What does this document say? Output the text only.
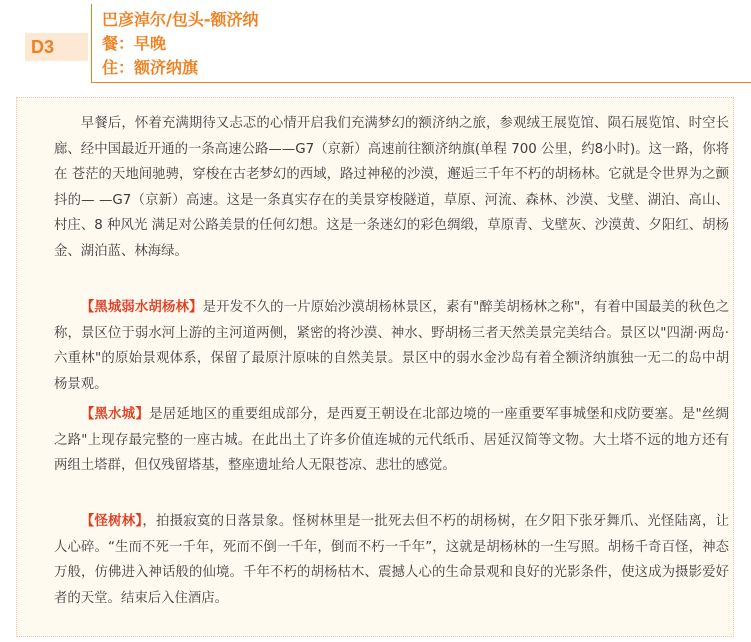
D3
巴彦淖尔/包头-额济纳
餐：早晚
住：额济纳旗

早餐后，怀着充满期待又忐忑的心情开启我们充满梦幻的额济纳之旅，参观绒王展览馆、陨石展览馆、时空长 廊、经中国最近开通的一条高速公路——G7（京新）高速前往额济纳旗(单程 700 公里，约8小时)。这一路，你将在 苍茫的天地间驰骋，穿梭在古老梦幻的西域，路过神秘的沙漠，邂逅三千年不朽的胡杨林。它就是令世界为之颤抖的— —G7（京新）高速。这是一条真实存在的美景穿梭隧道，草原、河流、森林、沙漠、戈壁、湖泊、高山、村庄、8 种风光 满足对公路美景的任何幻想。这是一条迷幻的彩色绸缎，草原青、戈壁灰、沙漠黄、夕阳红、胡杨金、湖泊蓝、林海绿。

【黑城弱水胡杨林】是开发不久的一片原始沙漠胡杨林景区，素有"醉美胡杨林之称"，有着中国最美的秋色之称，景区位于弱水河上游的主河道两侧，紧密的将沙漠、神水、野胡杨三者天然美景完美结合。景区以"四湖·两岛·六重林"的原始景观体系，保留了最原汁原味的自然美景。景区中的弱水金沙岛有着全额济纳旗独一无二的岛中胡杨景观。

【黑水城】是居延地区的重要组成部分，是西夏王朝设在北部边境的一座重要军事城堡和戍防要塞。是"丝绸之路"上现存最完整的一座古城。在此出土了许多价值连城的元代纸币、居延汉简等文物。大土塔不远的地方还有两组土塔群，但仅残留塔基，整座遗址给人无限苍凉、悲壮的感觉。

【怪树林】，拍摄寂寞的日落景象。怪树林里是一批死去但不朽的胡杨树，在夕阳下张牙舞爪、光怪陆离，让人心碎。“生而不死一千年，死而不倒一千年，倒而不朽一千年”，这就是胡杨林的一生写照。胡杨千奇百怪，神态万般，仿佛进入神话般的仙境。千年不朽的胡杨枯木、震撼人心的生命景观和良好的光影条件，使这成为摄影爱好者的天堂。结束后入住酒店。
